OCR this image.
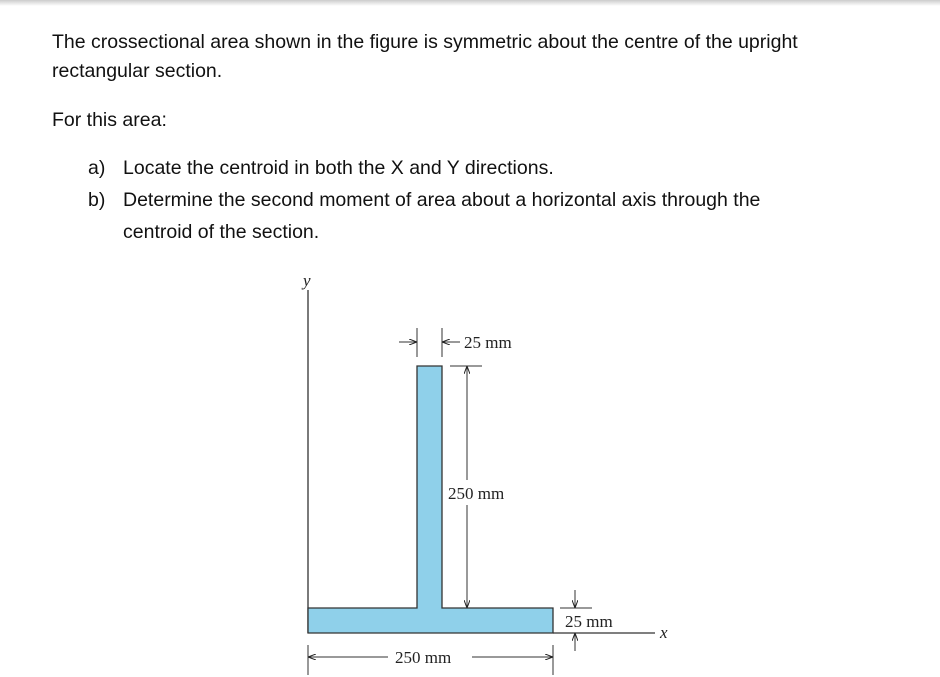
The crossectional area shown in the figure is symmetric about the centre of the upright
rectangular section.
For this area:
a) Locate the centroid in both the X and Y directions.
b) Determine the second moment of area about a horizontal axis through the
centroid of the section.
y
x
25 mm
250 mm
25 mm
250 mm
